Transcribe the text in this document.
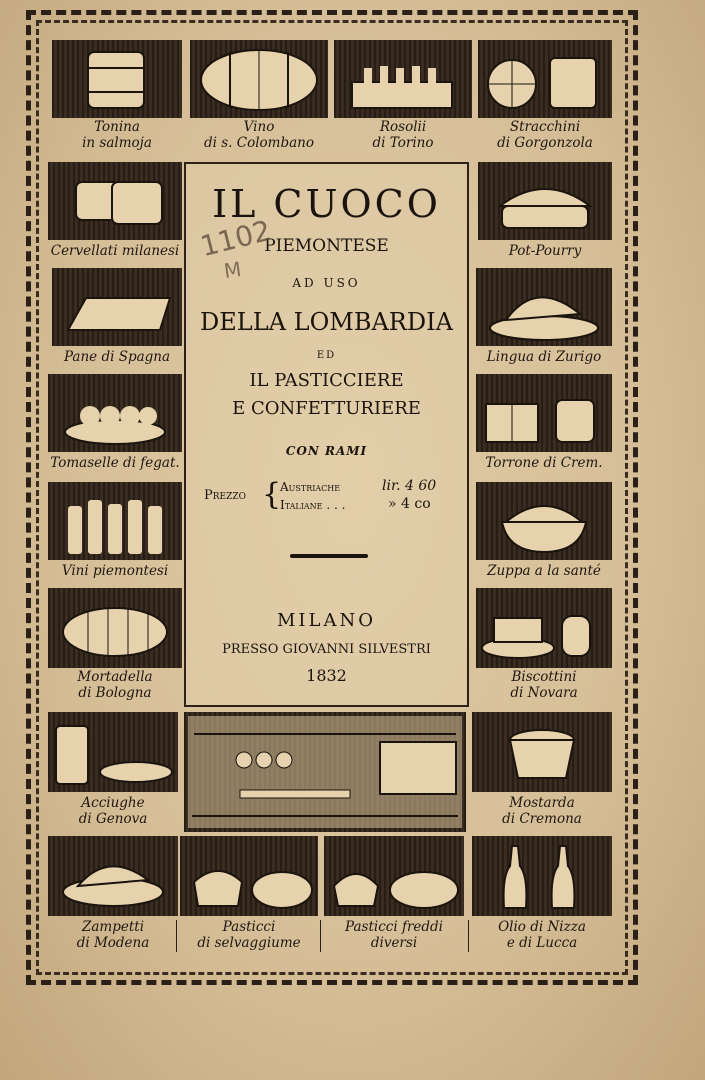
Tonina
in salmoja
Vino
di s. Colombano
Rosolii
di Torino
Stracchini
di Gorgonzola
Cervellati milanesi
Pane di Spagna
Tomaselle di fegat.
Vini piemontesi
Mortadella
di Bologna
Acciughe
di Genova
Pot-Pourry
Lingua di Zurigo
Torrone di Crem.
Zuppa a la santé
Biscottini
di Novara
Mostarda
di Cremona
Zampetti
di Modena
Pasticci
di selvaggiume
Pasticci freddi
diversi
Olio di Nizza
e di Lucca
IL CUOCO
PIEMONTESE
AD USO
DELLA LOMBARDIA
ED
IL PASTICCIERE
E CONFETTURIERE
CON RAMI
Prezzo {
Austriache	lir. 4 60
Italiane . . .	» 4 co
MILANO
PRESSO GIOVANNI SILVESTRI
1832
1102
M
